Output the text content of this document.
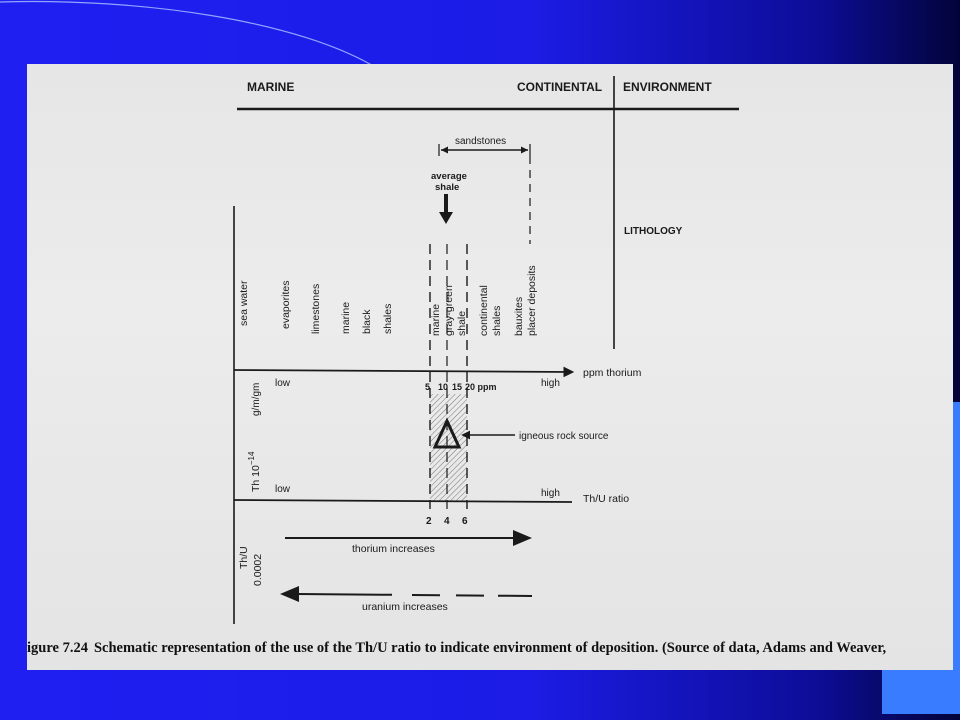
MARINE	CONTINENTAL ENVIRONMENT
sandstones
average
shale
LITHOLOGY
sea water	evaporites limestones marine black shales	marine gray-green shale continental shales bauxites placer deposits
low	high
ppm thorium
5 10 15 20 ppm
igneous rock source
low	high Th/U ratio
2 4 6
Th $10^{-14}$
g/m/gm
Th/U 0.0002
thorium increases
uranium increases
igure 7.24 Schematic representation of the use of the Th/U ratio to indicate environment of deposition. (Source of data, Adams and Weaver,
